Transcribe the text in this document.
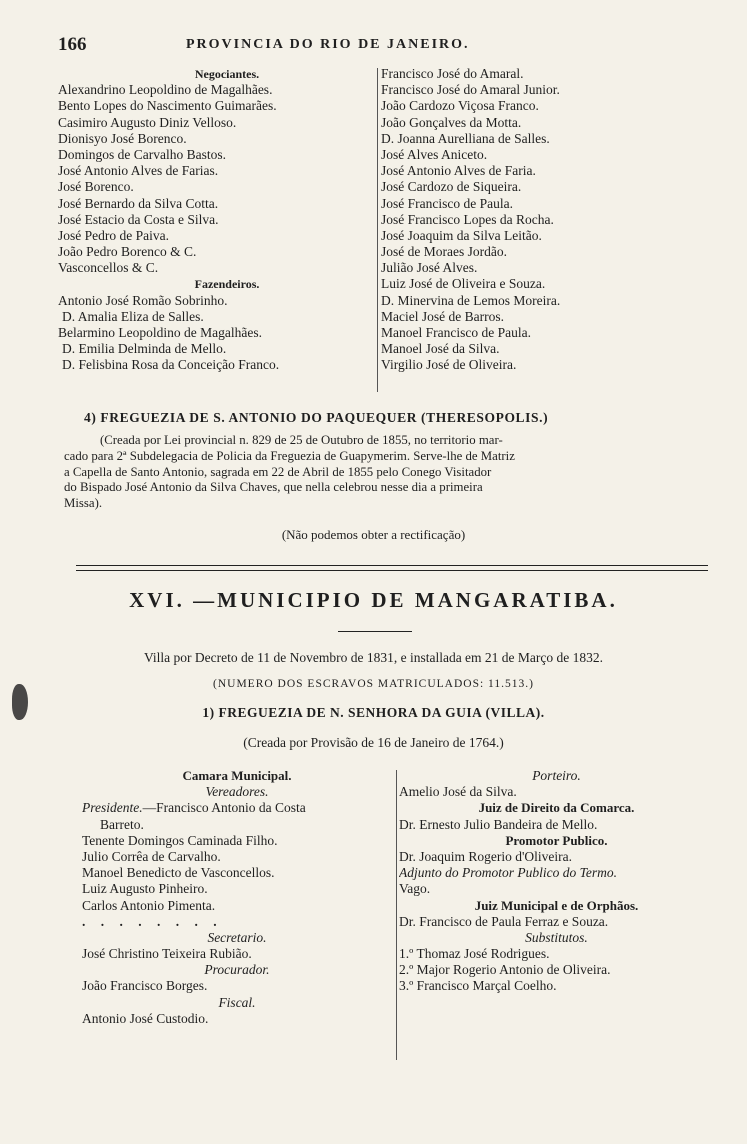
166	PROVINCIA DO RIO DE JANEIRO.
Negociantes.
Alexandrino Leopoldino de Magalhães.
Bento Lopes do Nascimento Guimarães.
Casimiro Augusto Diniz Velloso.
Dionisyo José Borenco.
Domingos de Carvalho Bastos.
José Antonio Alves de Farias.
José Borenco.
José Bernardo da Silva Cotta.
José Estacio da Costa e Silva.
José Pedro de Paiva.
João Pedro Borenco & C.
Vasconcellos & C.
Fazendeiros.
Antonio José Romão Sobrinho.
D. Amalia Eliza de Salles.
Belarmino Leopoldino de Magalhães.
D. Emilia Delminda de Mello.
D. Felisbina Rosa da Conceição Franco.
Francisco José do Amaral.
Francisco José do Amaral Junior.
João Cardozo Viçosa Franco.
João Gonçalves da Motta.
D. Joanna Aurelliana de Salles.
José Alves Aniceto.
José Antonio Alves de Faria.
José Cardozo de Siqueira.
José Francisco de Paula.
José Francisco Lopes da Rocha.
José Joaquim da Silva Leitão.
José de Moraes Jordão.
Julião José Alves.
Luiz José de Oliveira e Souza.
D. Minervina de Lemos Moreira.
Maciel José de Barros.
Manoel Francisco de Paula.
Manoel José da Silva.
Virgilio José de Oliveira.
4) FREGUEZIA DE S. ANTONIO DO PAQUEQUER (THERESOPOLIS.)
(Creada por Lei provincial n. 829 de 25 de Outubro de 1855, no territorio mar-
cado para 2ª Subdelegacia de Policia da Freguezia de Guapymerim. Serve-lhe de Matriz
a Capella de Santo Antonio, sagrada em 22 de Abril de 1855 pelo Conego Visitador
do Bispado José Antonio da Silva Chaves, que nella celebrou nesse dia a primeira
Missa).
(Não podemos obter a rectificação)
XVI. —MUNICIPIO DE MANGARATIBA.
Villa por Decreto de 11 de Novembro de 1831, e installada em 21 de Março de 1832.
(NUMERO DOS ESCRAVOS MATRICULADOS: 11.513.)
1) FREGUEZIA DE N. SENHORA DA GUIA (VILLA).
(Creada por Provisão de 16 de Janeiro de 1764.)
Camara Municipal.
Vereadores.
Presidente.—Francisco Antonio da Costa
Barreto.
Tenente Domingos Caminada Filho.
Julio Corrêa de Carvalho.
Manoel Benedicto de Vasconcellos.
Luiz Augusto Pinheiro.
Carlos Antonio Pimenta.
. . . . . . . .
Secretario.
José Christino Teixeira Rubião.
Procurador.
João Francisco Borges.
Fiscal.
Antonio José Custodio.
Porteiro.
Amelio José da Silva.
Juiz de Direito da Comarca.
Dr. Ernesto Julio Bandeira de Mello.
Promotor Publico.
Dr. Joaquim Rogerio d'Oliveira.
Adjunto do Promotor Publico do Termo.
Vago.
Juiz Municipal e de Orphãos.
Dr. Francisco de Paula Ferraz e Souza.
Substitutos.
1.º Thomaz José Rodrigues.
2.º Major Rogerio Antonio de Oliveira.
3.º Francisco Marçal Coelho.
